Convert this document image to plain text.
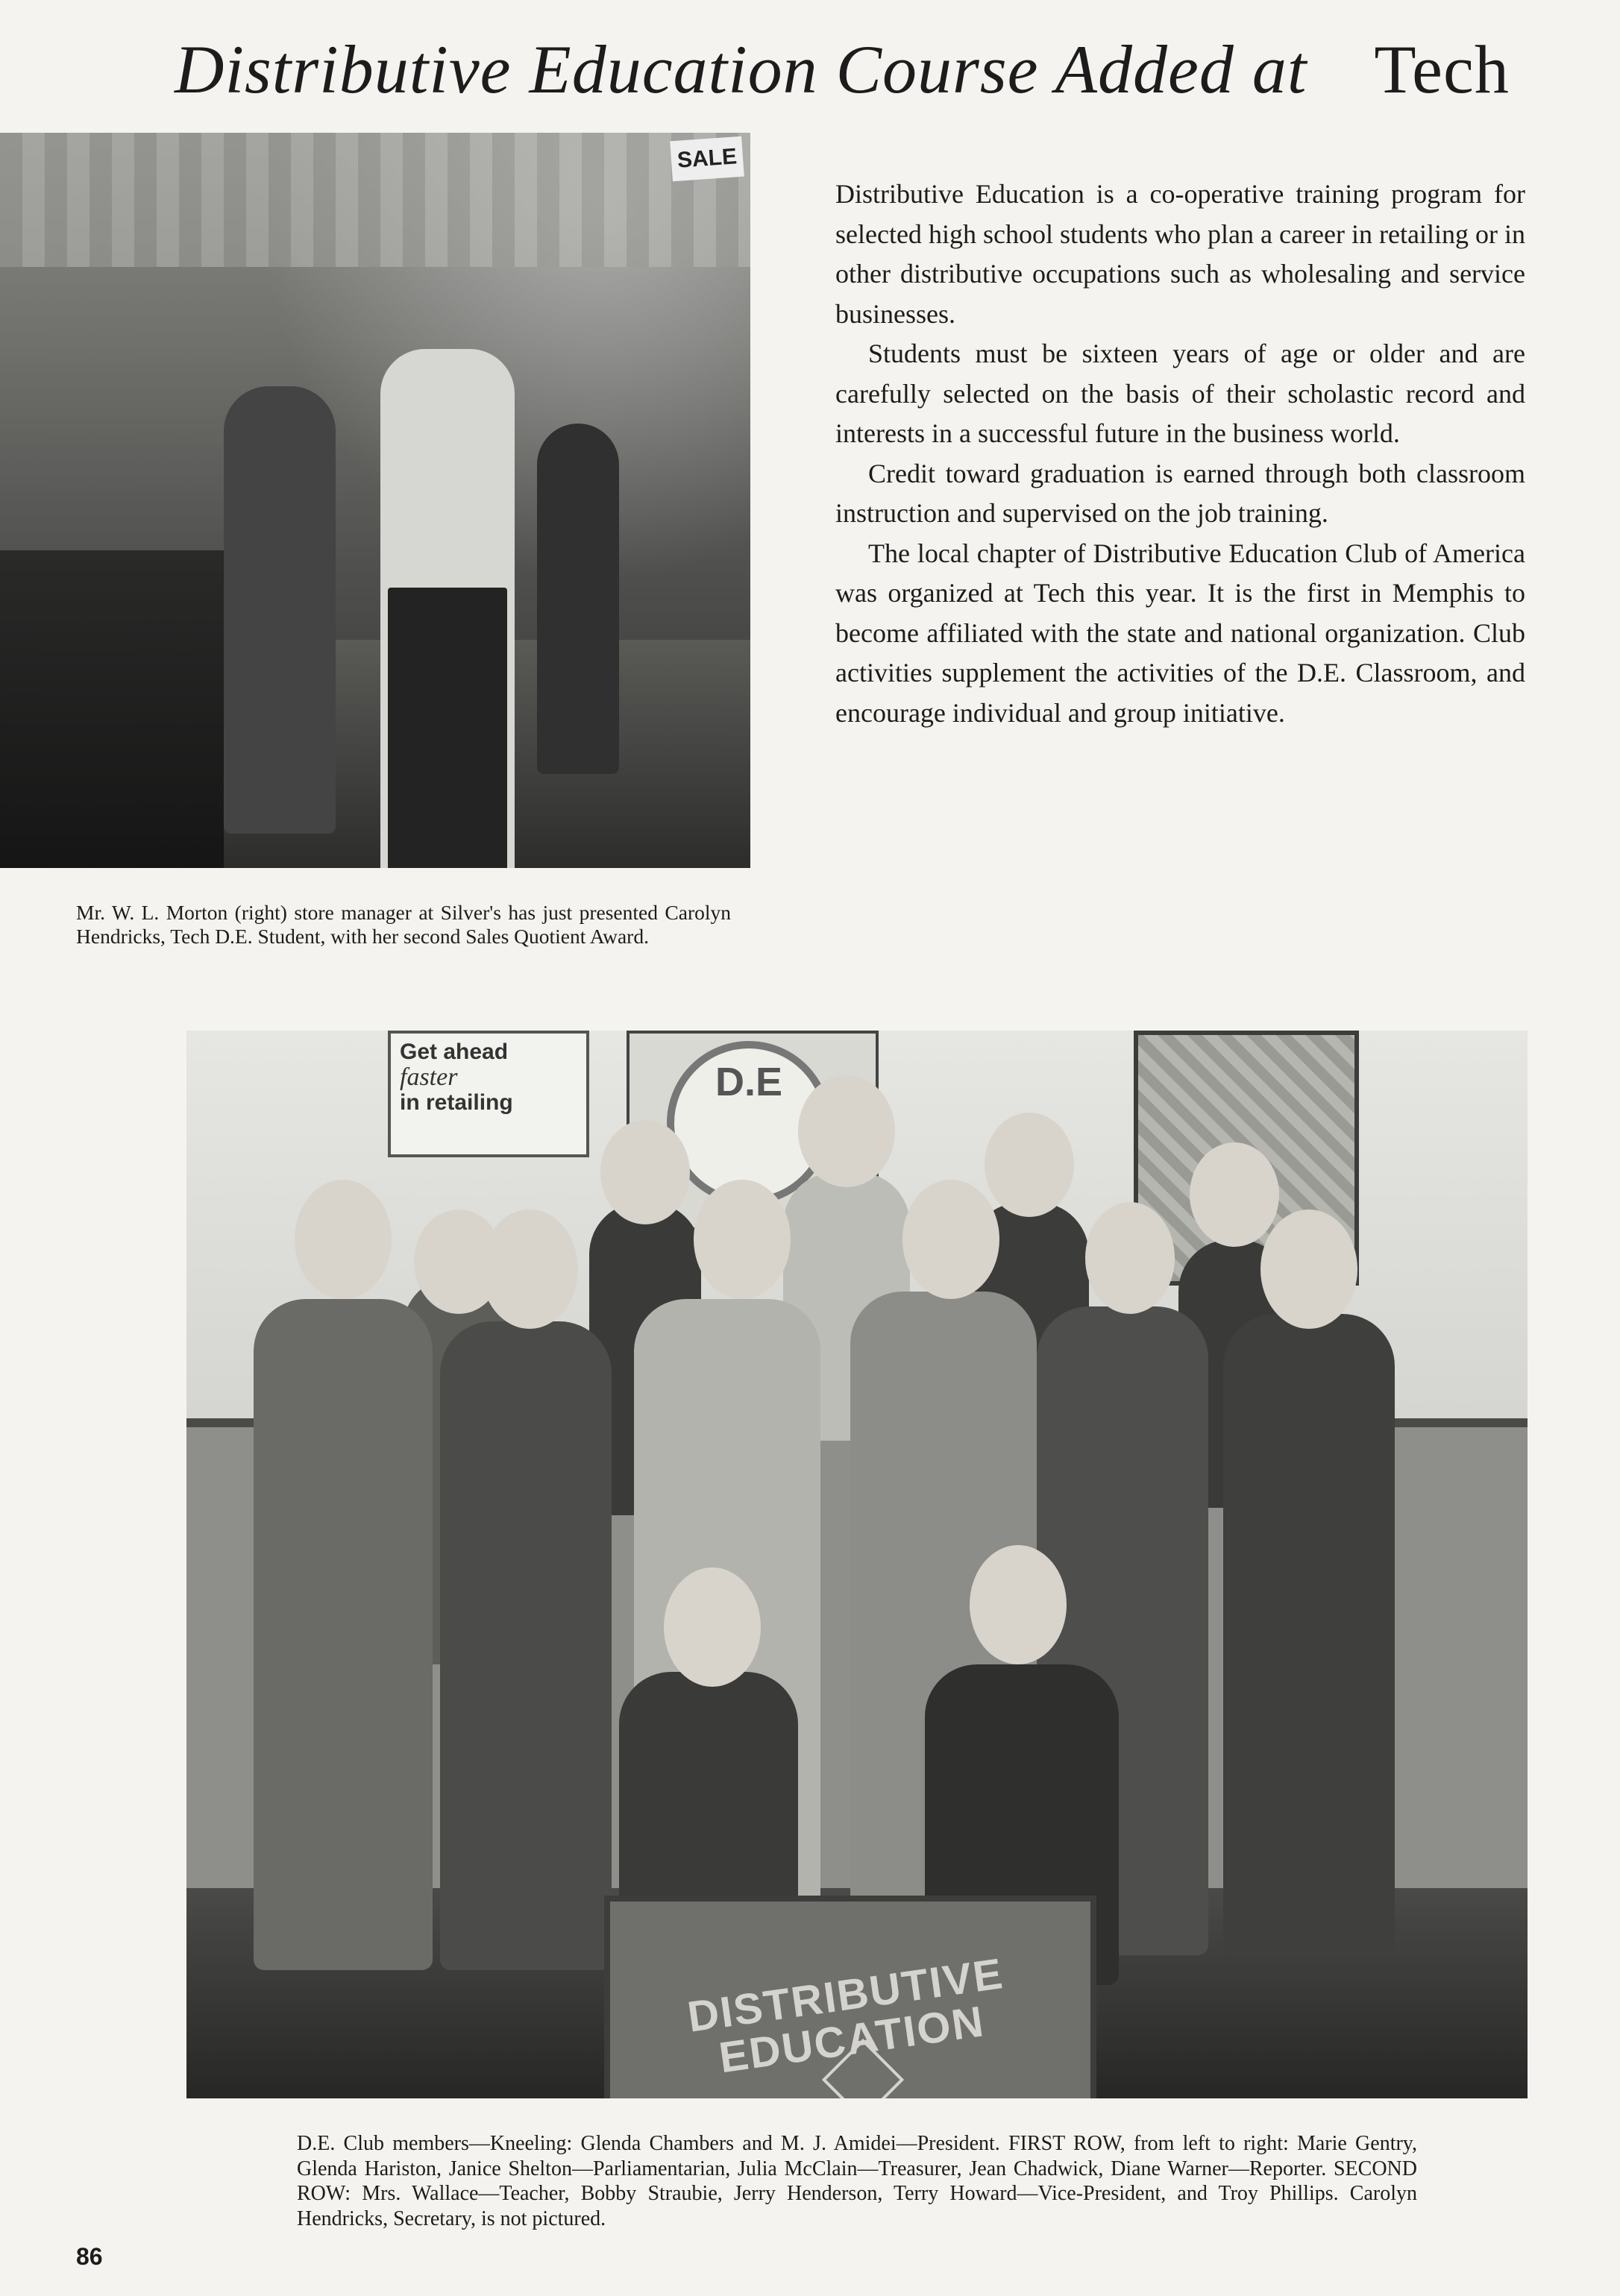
Distributive Education Course Added at Tech
SALE

Distributive Education is a co-operative training program for selected high school students who plan a career in retailing or in other distributive occupations such as wholesaling and service businesses.

Students must be sixteen years of age or older and are carefully selected on the basis of their scholastic record and interests in a successful future in the business world.

Credit toward graduation is earned through both classroom instruction and supervised on the job training.

The local chapter of Distributive Education Club of America was organized at Tech this year. It is the first in Memphis to become affiliated with the state and national organization. Club activities supplement the activities of the D.E. Classroom, and encourage individual and group initiative.

Mr. W. L. Morton (right) store manager at Silver's has just presented Carolyn Hendricks, Tech D.E. Student, with her second Sales Quotient Award.

Get ahead
faster
in retailing	D.E
DISTRIBUTIVE EDUCATION

D.E. Club members—Kneeling: Glenda Chambers and M. J. Amidei—President. FIRST ROW, from left to right: Marie Gentry, Glenda Hariston, Janice Shelton—Parliamentarian, Julia McClain—Treasurer, Jean Chadwick, Diane Warner—Reporter. SECOND ROW: Mrs. Wallace—Teacher, Bobby Straubie, Jerry Henderson, Terry Howard—Vice-President, and Troy Phillips. Carolyn Hendricks, Secretary, is not pictured.

86
